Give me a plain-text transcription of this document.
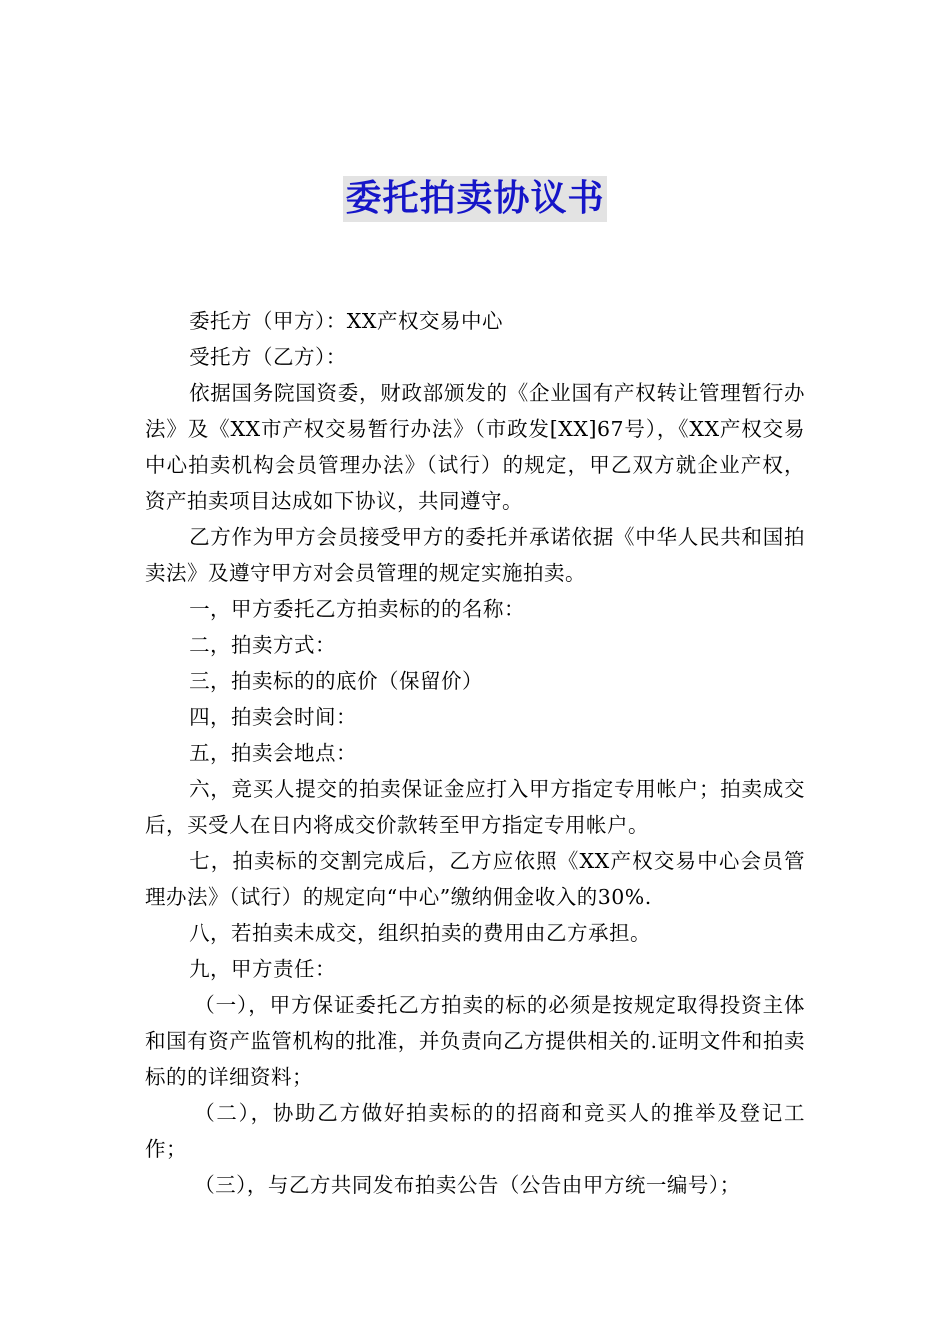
委托拍卖协议书

委托方（甲方）：XX产权交易中心

受托方（乙方）：

依据国务院国资委，财政部颁发的《企业国有产权转让管理暂行办法》及《XX市产权交易暂行办法》（市政发[XX]67号），《XX产权交易中心拍卖机构会员管理办法》（试行）的规定，甲乙双方就企业产权，资产拍卖项目达成如下协议，共同遵守。

乙方作为甲方会员接受甲方的委托并承诺依据《中华人民共和国拍卖法》及遵守甲方对会员管理的规定实施拍卖。

一，甲方委托乙方拍卖标的的名称：

二，拍卖方式：

三，拍卖标的的底价（保留价）

四，拍卖会时间：

五，拍卖会地点：

六，竞买人提交的拍卖保证金应打入甲方指定专用帐户；拍卖成交后，买受人在日内将成交价款转至甲方指定专用帐户。

七，拍卖标的交割完成后，乙方应依照《XX产权交易中心会员管理办法》（试行）的规定向“中心”缴纳佣金收入的30%.

八，若拍卖未成交，组织拍卖的费用由乙方承担。

九，甲方责任：

（一），甲方保证委托乙方拍卖的标的必须是按规定取得投资主体和国有资产监管机构的批准，并负责向乙方提供相关的.证明文件和拍卖标的的详细资料；

（二），协助乙方做好拍卖标的的招商和竞买人的推举及登记工作；

（三），与乙方共同发布拍卖公告（公告由甲方统一编号）；
